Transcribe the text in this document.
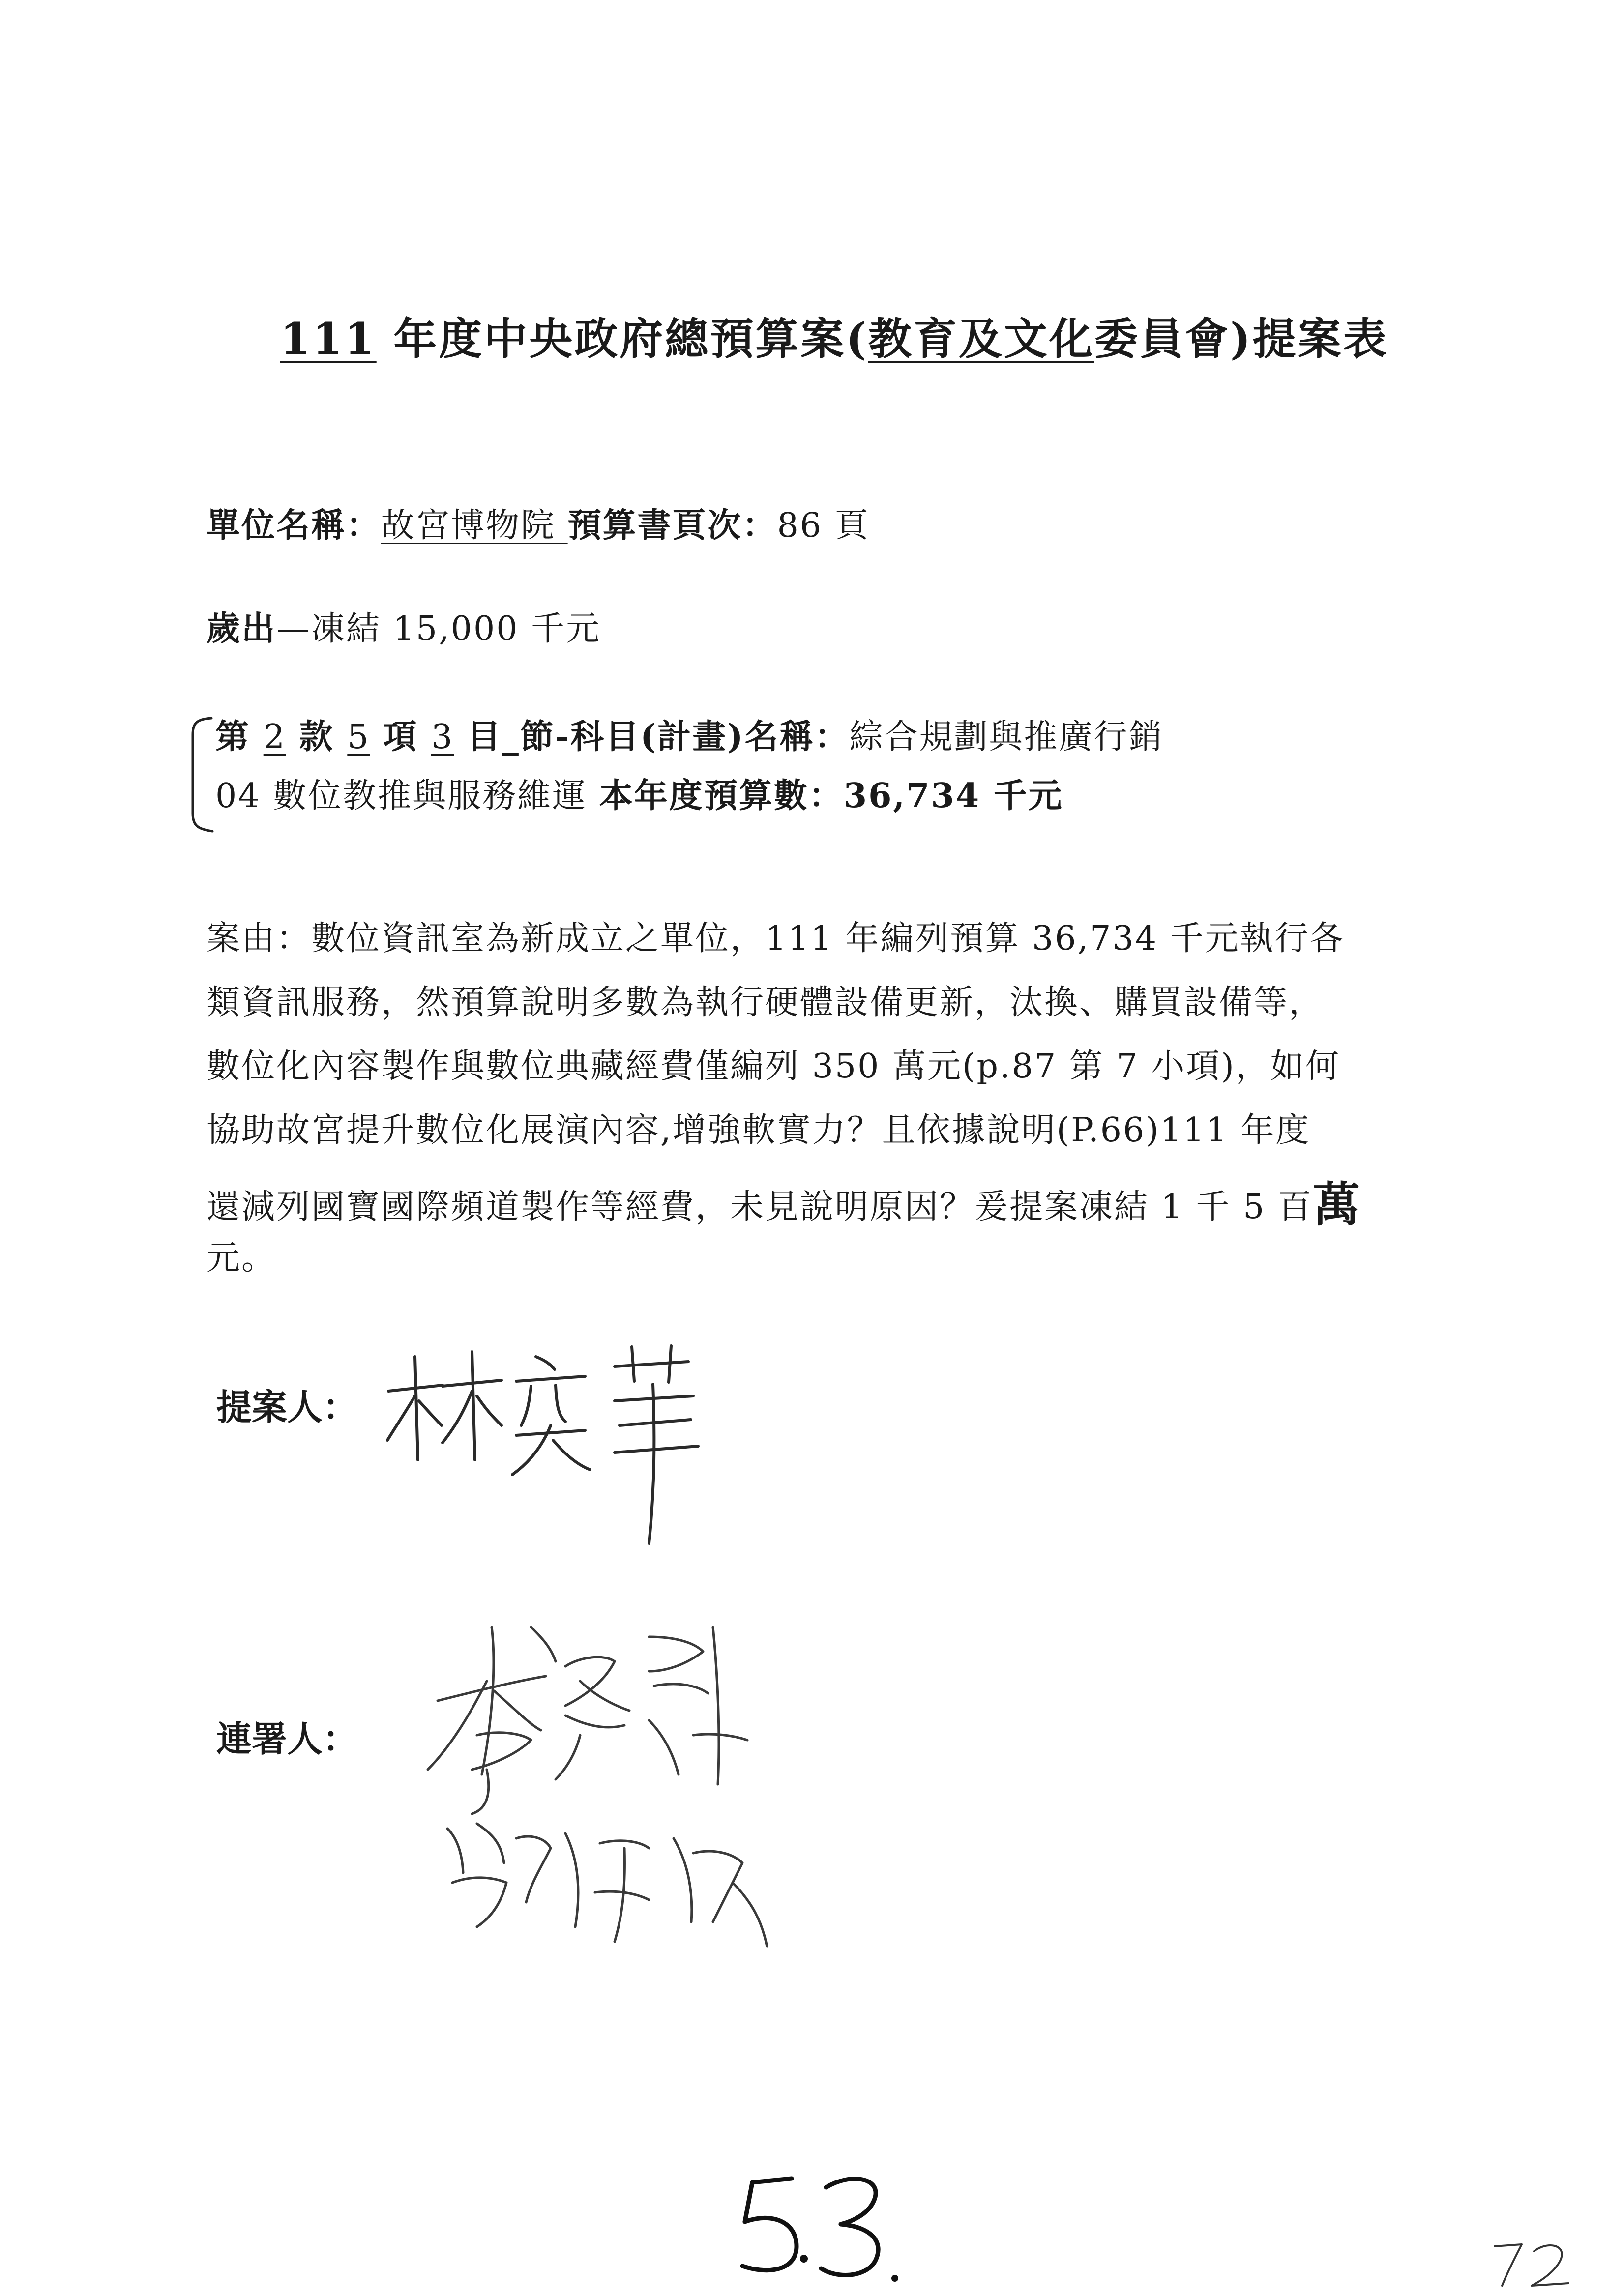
111 年度中央政府總預算案(教育及文化委員會)提案表
單位名稱：故宮博物院 預算書頁次：86 頁
歲出—凍結 15,000 千元
第 2 款 5 項 3 目_節-科目(計畫)名稱：綜合規劃與推廣行銷
04 數位教推與服務維運 本年度預算數：36,734 千元
案由：數位資訊室為新成立之單位，111 年編列預算 36,734 千元執行各
類資訊服務，然預算說明多數為執行硬體設備更新，汰換、購買設備等，
數位化內容製作與數位典藏經費僅編列 350 萬元(p.87 第 7 小項)，如何
協助故宮提升數位化展演內容,增強軟實力？且依據說明(P.66)111 年度
還減列國寶國際頻道製作等經費，未見說明原因？爰提案凍結 1 千 5 百萬
元。
提案人：
連署人：
